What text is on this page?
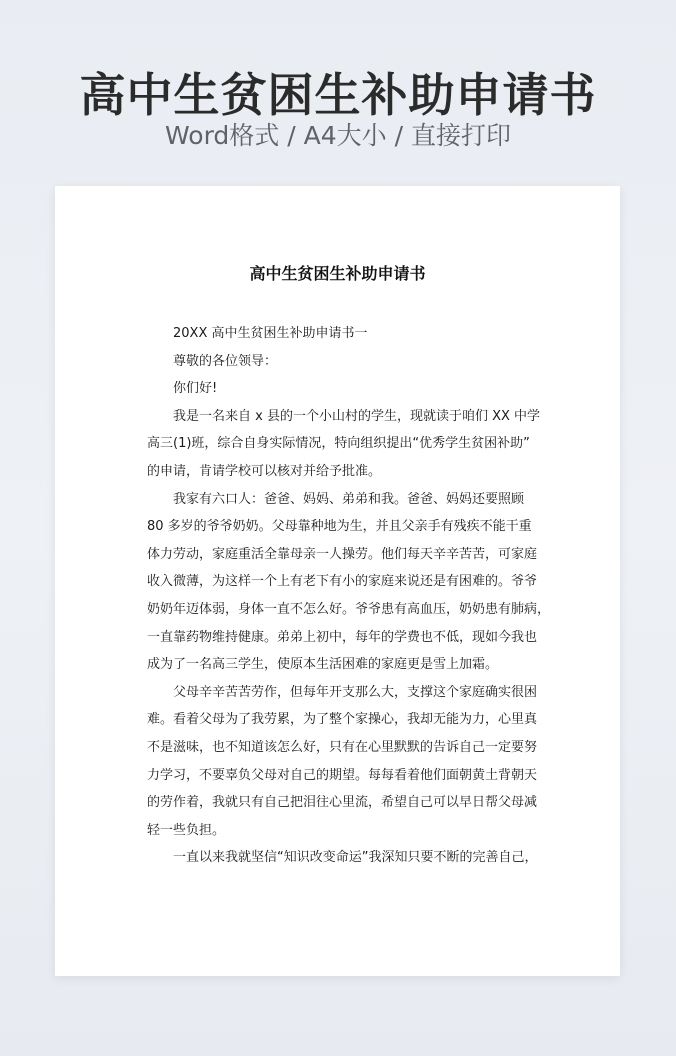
高中生贫困生补助申请书
Word格式 / A4大小 / 直接打印
高中生贫困生补助申请书
20XX 高中生贫困生补助申请书一
尊敬的各位领导：
你们好!
我是一名来自 x 县的一个小山村的学生，现就读于咱们 XX 中学
高三(1)班，综合自身实际情况，特向组织提出“优秀学生贫困补助”
的申请，肯请学校可以核对并给予批准。
我家有六口人：爸爸、妈妈、弟弟和我。爸爸、妈妈还要照顾
80 多岁的爷爷奶奶。父母靠种地为生，并且父亲手有残疾不能干重
体力劳动，家庭重活全靠母亲一人操劳。他们每天辛辛苦苦，可家庭
收入微薄，为这样一个上有老下有小的家庭来说还是有困难的。爷爷
奶奶年迈体弱，身体一直不怎么好。爷爷患有高血压，奶奶患有肺病，
一直靠药物维持健康。弟弟上初中，每年的学费也不低，现如今我也
成为了一名高三学生，使原本生活困难的家庭更是雪上加霜。
父母辛辛苦苦劳作，但每年开支那么大，支撑这个家庭确实很困
难。看着父母为了我劳累，为了整个家操心，我却无能为力，心里真
不是滋味，也不知道该怎么好，只有在心里默默的告诉自己一定要努
力学习，不要辜负父母对自己的期望。每每看着他们面朝黄土背朝天
的劳作着，我就只有自己把泪往心里流，希望自己可以早日帮父母减
轻一些负担。
一直以来我就坚信“知识改变命运”我深知只要不断的完善自己，
